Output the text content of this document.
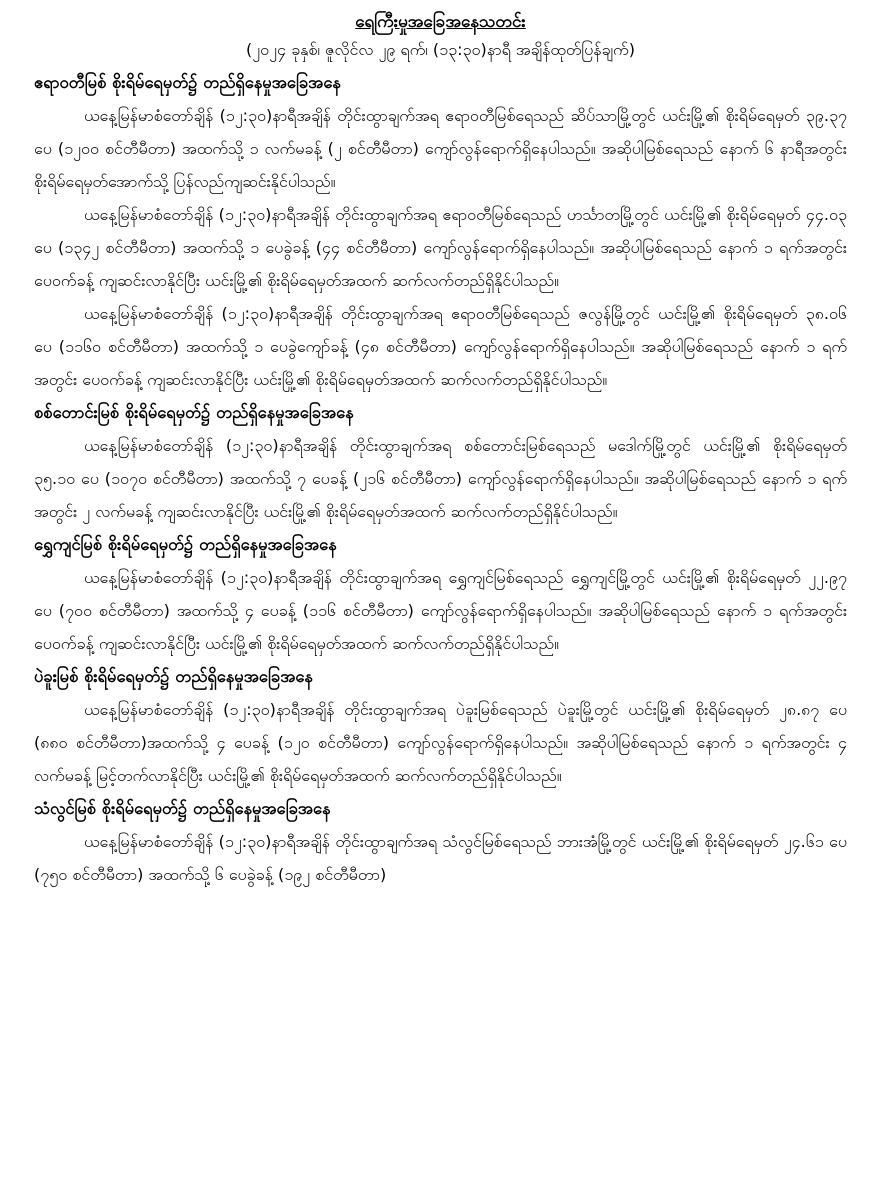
ရေကြီးမှုအခြေအနေသတင်း

(၂၀၂၄ ခုနှစ်၊ ဇူလိုင်လ ၂၉ ရက်၊ (၁၃:၃၀)နာရီ အချိန်ထုတ်ပြန်ချက်)

ဧရာဝတီမြစ် စိုးရိမ်ရေမှတ်၌ တည်ရှိနေမှုအခြေအနေ

ယနေ့မြန်မာစံတော်ချိန် (၁၂:၃၀)နာရီအချိန် တိုင်းထွာချက်အရ ဧရာဝတီမြစ်ရေသည် ဆိပ်သာမြို့တွင် ယင်းမြို့၏ စိုးရိမ်ရေမှတ် ၃၉.၃၇ ပေ (၁၂၀၀ စင်တီမီတာ) အထက်သို့ ၁ လက်မခန့် (၂ စင်တီမီတာ) ကျော်လွန်ရောက်ရှိနေပါသည်။ အဆိုပါမြစ်ရေသည် နောက် ၆ နာရီအတွင်း စိုးရိမ်ရေမှတ်အောက်သို့ ပြန်လည်ကျဆင်းနိုင်ပါသည်။

ယနေ့မြန်မာစံတော်ချိန် (၁၂:၃၀)နာရီအချိန် တိုင်းထွာချက်အရ ဧရာဝတီမြစ်ရေသည် ဟင်္သာတမြို့တွင် ယင်းမြို့၏ စိုးရိမ်ရေမှတ် ၄၄.၀၃ ပေ (၁၃၄၂ စင်တီမီတာ) အထက်သို့ ၁ ပေခွဲခန့် (၄၄ စင်တီမီတာ) ကျော်လွန်ရောက်ရှိနေပါသည်။ အဆိုပါမြစ်ရေသည် နောက် ၁ ရက်အတွင်း ပေဝက်ခန့် ကျဆင်းလာနိုင်ပြီး ယင်းမြို့၏ စိုးရိမ်ရေမှတ်အထက် ဆက်လက်တည်ရှိနိုင်ပါသည်။

ယနေ့မြန်မာစံတော်ချိန် (၁၂:၃၀)နာရီအချိန် တိုင်းထွာချက်အရ ဧရာဝတီမြစ်ရေသည် ဇလွန်မြို့တွင် ယင်းမြို့၏ စိုးရိမ်ရေမှတ် ၃၈.၀၆ ပေ (၁၁၆၀ စင်တီမီတာ) အထက်သို့ ၁ ပေခွဲကျော်ခန့် (၄၈ စင်တီမီတာ) ကျော်လွန်ရောက်ရှိနေပါသည်။ အဆိုပါမြစ်ရေသည် နောက် ၁ ရက်အတွင်း ပေဝက်ခန့် ကျဆင်းလာနိုင်ပြီး ယင်းမြို့၏ စိုးရိမ်ရေမှတ်အထက် ဆက်လက်တည်ရှိနိုင်ပါသည်။

စစ်တောင်းမြစ် စိုးရိမ်ရေမှတ်၌ တည်ရှိနေမှုအခြေအနေ

ယနေ့မြန်မာစံတော်ချိန် (၁၂:၃၀)နာရီအချိန် တိုင်းထွာချက်အရ စစ်တောင်းမြစ်ရေသည် မဒေါက်မြို့တွင် ယင်းမြို့၏ စိုးရိမ်ရေမှတ် ၃၅.၁၀ ပေ (၁၀၇၀ စင်တီမီတာ) အထက်သို့ ၇ ပေခန့် (၂၁၆ စင်တီမီတာ) ကျော်လွန်ရောက်ရှိနေပါသည်။ အဆိုပါမြစ်ရေသည် နောက် ၁ ရက်အတွင်း ၂ လက်မခန့် ကျဆင်းလာနိုင်ပြီး ယင်းမြို့၏ စိုးရိမ်ရေမှတ်အထက် ဆက်လက်တည်ရှိနိုင်ပါသည်။

ရွှေကျင်မြစ် စိုးရိမ်ရေမှတ်၌ တည်ရှိနေမှုအခြေအနေ

ယနေ့မြန်မာစံတော်ချိန် (၁၂:၃၀)နာရီအချိန် တိုင်းထွာချက်အရ ရွှေကျင်မြစ်ရေသည် ရွှေကျင်မြို့တွင် ယင်းမြို့၏ စိုးရိမ်ရေမှတ် ၂၂.၉၇ ပေ (၇၀၀ စင်တီမီတာ) အထက်သို့ ၄ ပေခန့် (၁၁၆ စင်တီမီတာ) ကျော်လွန်ရောက်ရှိနေပါသည်။ အဆိုပါမြစ်ရေသည် နောက် ၁ ရက်အတွင်း ပေဝက်ခန့် ကျဆင်းလာနိုင်ပြီး ယင်းမြို့၏ စိုးရိမ်ရေမှတ်အထက် ဆက်လက်တည်ရှိနိုင်ပါသည်။

ပဲခူးမြစ် စိုးရိမ်ရေမှတ်၌ တည်ရှိနေမှုအခြေအနေ

ယနေ့မြန်မာစံတော်ချိန် (၁၂:၃၀)နာရီအချိန် တိုင်းထွာချက်အရ ပဲခူးမြစ်ရေသည် ပဲခူးမြို့တွင် ယင်းမြို့၏ စိုးရိမ်ရေမှတ် ၂၈.၈၇ ပေ (၈၈၀ စင်တီမီတာ)အထက်သို့ ၄ ပေခန့် (၁၂၀ စင်တီမီတာ) ကျော်လွန်ရောက်ရှိနေပါသည်။ အဆိုပါမြစ်ရေသည် နောက် ၁ ရက်အတွင်း ၄ လက်မခန့် မြင့်တက်လာနိုင်ပြီး ယင်းမြို့၏ စိုးရိမ်ရေမှတ်အထက် ဆက်လက်တည်ရှိနိုင်ပါသည်။

သံလွင်မြစ် စိုးရိမ်ရေမှတ်၌ တည်ရှိနေမှုအခြေအနေ

ယနေ့မြန်မာစံတော်ချိန် (၁၂:၃၀)နာရီအချိန် တိုင်းထွာချက်အရ သံလွင်မြစ်ရေသည် ဘားအံမြို့တွင် ယင်းမြို့၏ စိုးရိမ်ရေမှတ် ၂၄.၆၁ ပေ (၇၅၀ စင်တီမီတာ) အထက်သို့ ၆ ပေခွဲခန့် (၁၉၂ စင်တီမီတာ)
